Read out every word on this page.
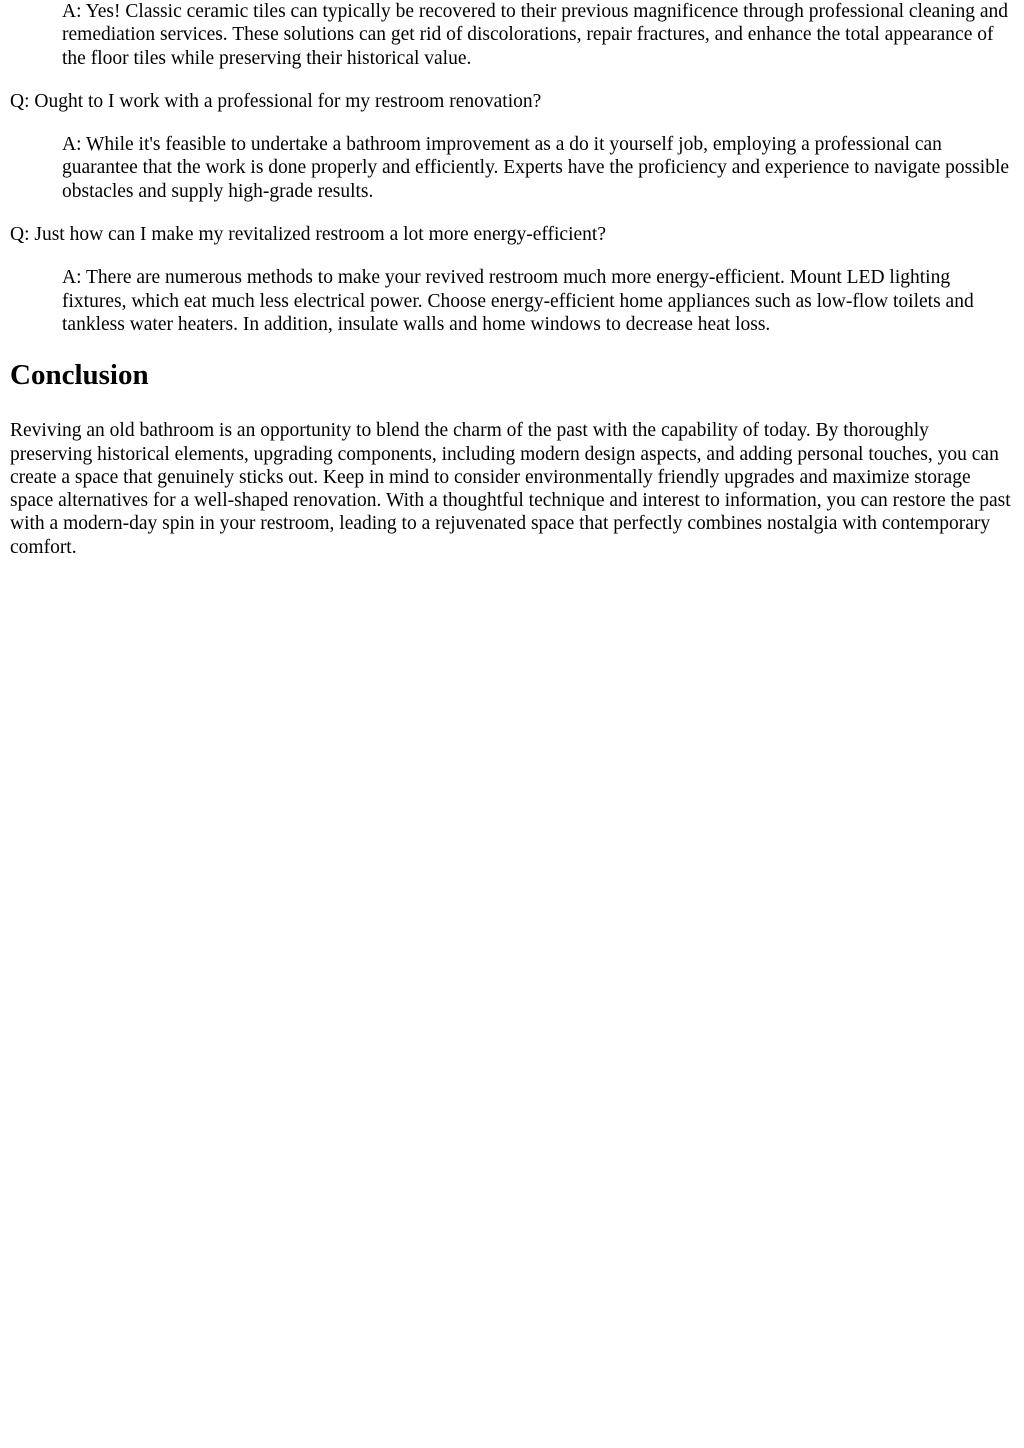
A: Yes! Classic ceramic tiles can typically be recovered to their previous magnificence through professional cleaning and remediation services. These solutions can get rid of discolorations, repair fractures, and enhance the total appearance of the floor tiles while preserving their historical value.

Q: Ought to I work with a professional for my restroom renovation?

A: While it's feasible to undertake a bathroom improvement as a do it yourself job, employing a professional can guarantee that the work is done properly and efficiently. Experts have the proficiency and experience to navigate possible obstacles and supply high-grade results.

Q: Just how can I make my revitalized restroom a lot more energy-efficient?

A: There are numerous methods to make your revived restroom much more energy-efficient. Mount LED lighting fixtures, which eat much less electrical power. Choose energy-efficient home appliances such as low-flow toilets and tankless water heaters. In addition, insulate walls and home windows to decrease heat loss.

Conclusion

Reviving an old bathroom is an opportunity to blend the charm of the past with the capability of today. By thoroughly preserving historical elements, upgrading components, including modern design aspects, and adding personal touches, you can create a space that genuinely sticks out. Keep in mind to consider environmentally friendly upgrades and maximize storage space alternatives for a well-shaped renovation. With a thoughtful technique and interest to information, you can restore the past with a modern-day spin in your restroom, leading to a rejuvenated space that perfectly combines nostalgia with contemporary comfort.
